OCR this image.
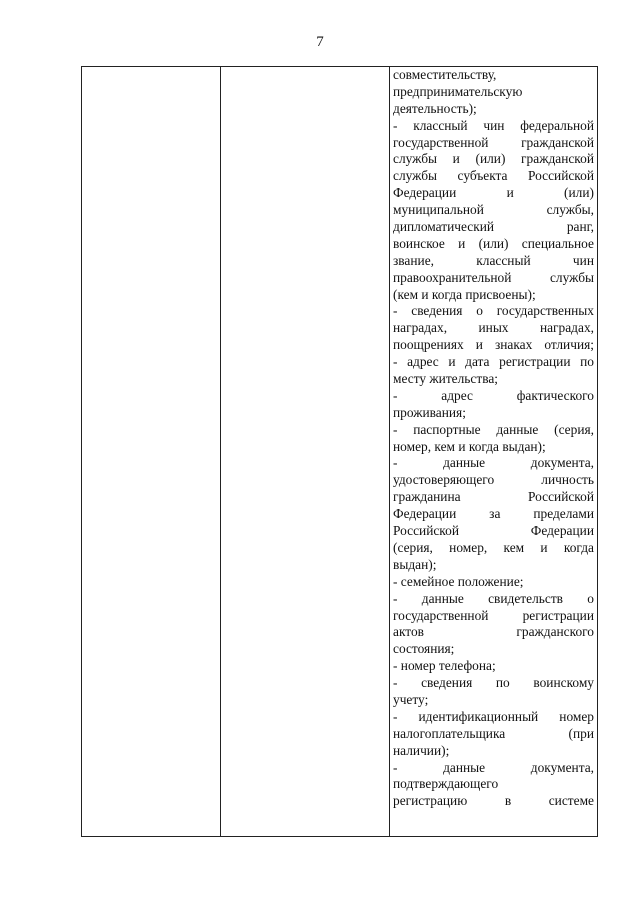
7
совместительству,
предпринимательскую
деятельность);
- классный чин федеральной
государственной гражданской
службы и (или) гражданской
службы субъекта Российской
Федерации и (или)
муниципальной службы,
дипломатический ранг,
воинское и (или) специальное
звание, классный чин
правоохранительной службы
(кем и когда присвоены);
- сведения о государственных
наградах, иных наградах,
поощрениях и знаках отличия;
- адрес и дата регистрации по
месту жительства;
- адрес фактического
проживания;
- паспортные данные (серия,
номер, кем и когда выдан);
- данные документа,
удостоверяющего личность
гражданина Российской
Федерации за пределами
Российской Федерации
(серия, номер, кем и когда
выдан);
- семейное положение;
- данные свидетельств о
государственной регистрации
актов гражданского
состояния;
- номер телефона;
- сведения по воинскому
учету;
- идентификационный номер
налогоплательщика (при
наличии);
- данные документа,
подтверждающего
регистрацию в системе
